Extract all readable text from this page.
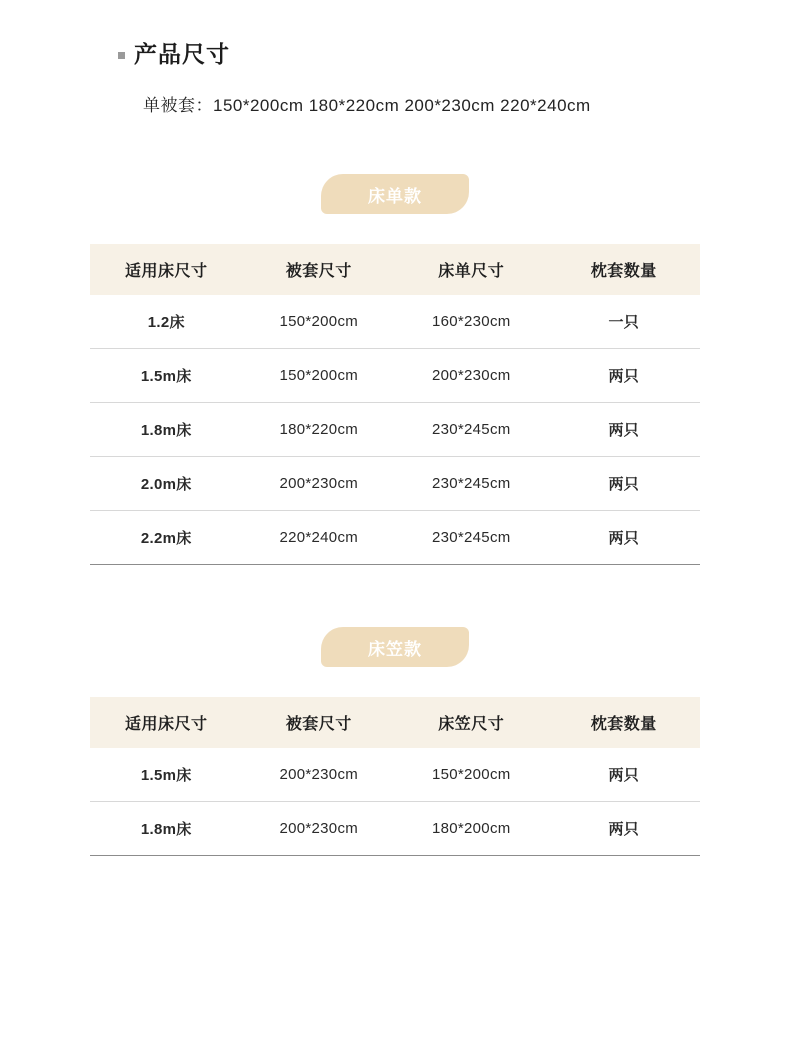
产品尺寸
单被套：150*200cm 180*220cm 200*230cm 220*240cm
床单款
适用床尺寸	被套尺寸	床单尺寸	枕套数量
1.2床	150*200cm	160*230cm	一只
1.5m床	150*200cm	200*230cm	两只
1.8m床	180*220cm	230*245cm	两只
2.0m床	200*230cm	230*245cm	两只
2.2m床	220*240cm	230*245cm	两只
床笠款
适用床尺寸	被套尺寸	床笠尺寸	枕套数量
1.5m床	200*230cm	150*200cm	两只
1.8m床	200*230cm	180*200cm	两只
